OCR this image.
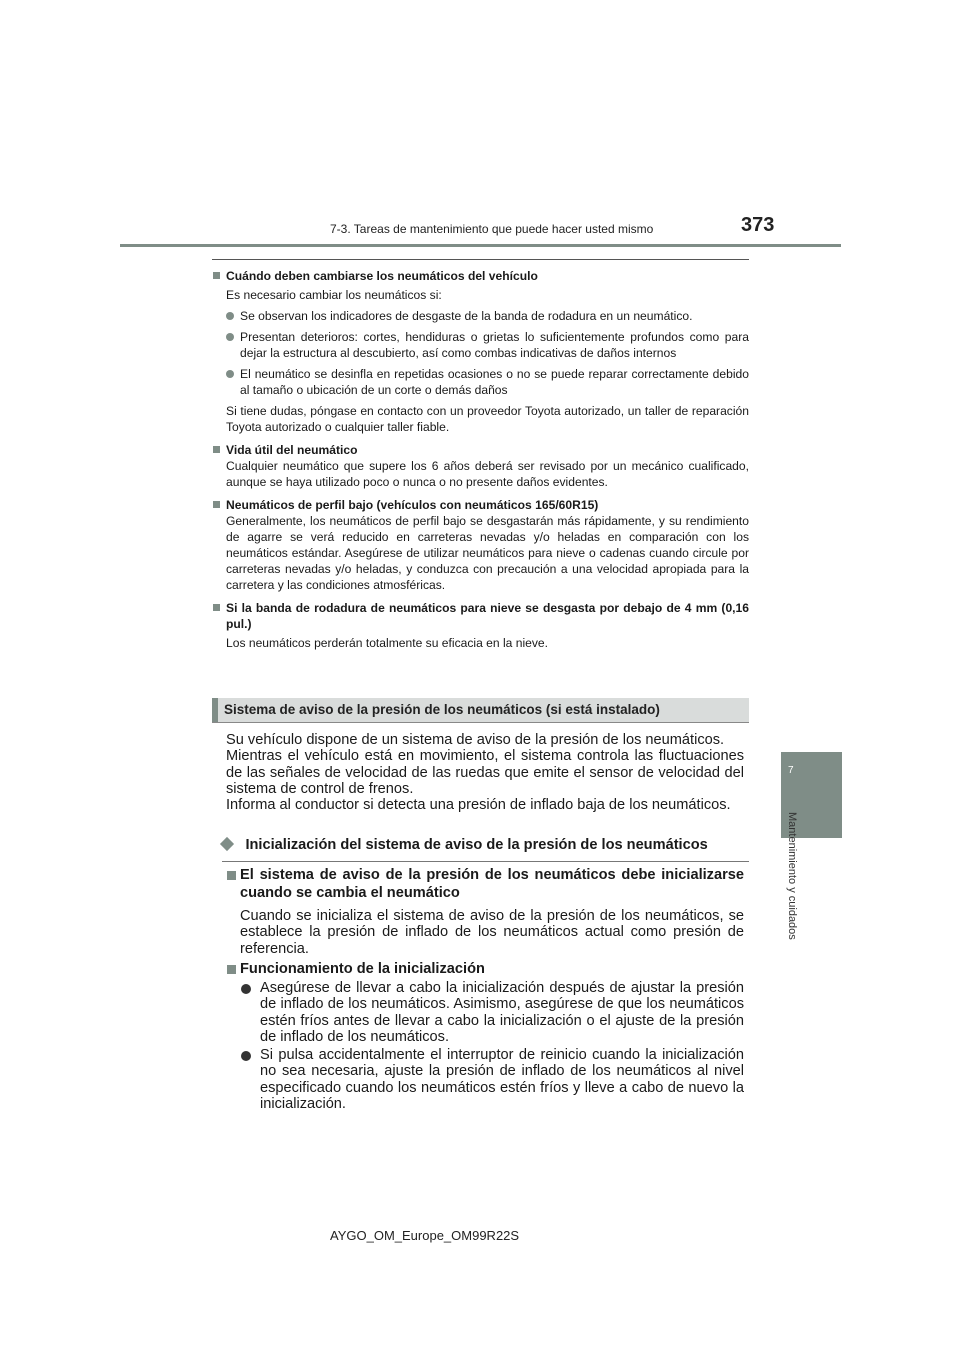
7-3. Tareas de mantenimiento que puede hacer usted mismo	373
7
Mantenimiento y cuidados
Cuándo deben cambiarse los neumáticos del vehículo
Es necesario cambiar los neumáticos si:
Se observan los indicadores de desgaste de la banda de rodadura en un neumático.
Presentan deterioros: cortes, hendiduras o grietas lo suficientemente profundos como para dejar la estructura al descubierto, así como combas indicativas de daños internos
El neumático se desinfla en repetidas ocasiones o no se puede reparar correctamente debido al tamaño o ubicación de un corte o demás daños
Si tiene dudas, póngase en contacto con un proveedor Toyota autorizado, un taller de reparación Toyota autorizado o cualquier taller fiable.
Vida útil del neumático
Cualquier neumático que supere los 6 años deberá ser revisado por un mecánico cualificado, aunque se haya utilizado poco o nunca o no presente daños evidentes.
Neumáticos de perfil bajo (vehículos con neumáticos 165/60R15)
Generalmente, los neumáticos de perfil bajo se desgastarán más rápidamente, y su rendimiento de agarre se verá reducido en carreteras nevadas y/o heladas en comparación con los neumáticos estándar. Asegúrese de utilizar neumáticos para nieve o cadenas cuando circule por carreteras nevadas y/o heladas, y conduzca con precaución a una velocidad apropiada para la carretera y las condiciones atmosféricas.
Si la banda de rodadura de neumáticos para nieve se desgasta por debajo de 4 mm (0,16 pul.)
Los neumáticos perderán totalmente su eficacia en la nieve.
Sistema de aviso de la presión de los neumáticos (si está instalado)
Su vehículo dispone de un sistema de aviso de la presión de los neumáticos.
Mientras el vehículo está en movimiento, el sistema controla las fluctuaciones de las señales de velocidad de las ruedas que emite el sensor de velocidad del sistema de control de frenos.
Informa al conductor si detecta una presión de inflado baja de los neumáticos.
Inicialización del sistema de aviso de la presión de los neumáticos
El sistema de aviso de la presión de los neumáticos debe inicializarse cuando se cambia el neumático
Cuando se inicializa el sistema de aviso de la presión de los neumáticos, se establece la presión de inflado de los neumáticos actual como presión de referencia.
Funcionamiento de la inicialización
Asegúrese de llevar a cabo la inicialización después de ajustar la presión de inflado de los neumáticos. Asimismo, asegúrese de que los neumáticos estén fríos antes de llevar a cabo la inicialización o el ajuste de la presión de inflado de los neumáticos.
Si pulsa accidentalmente el interruptor de reinicio cuando la inicialización no sea necesaria, ajuste la presión de inflado de los neumáticos al nivel especificado cuando los neumáticos estén fríos y lleve a cabo de nuevo la inicialización.
AYGO_OM_Europe_OM99R22S
